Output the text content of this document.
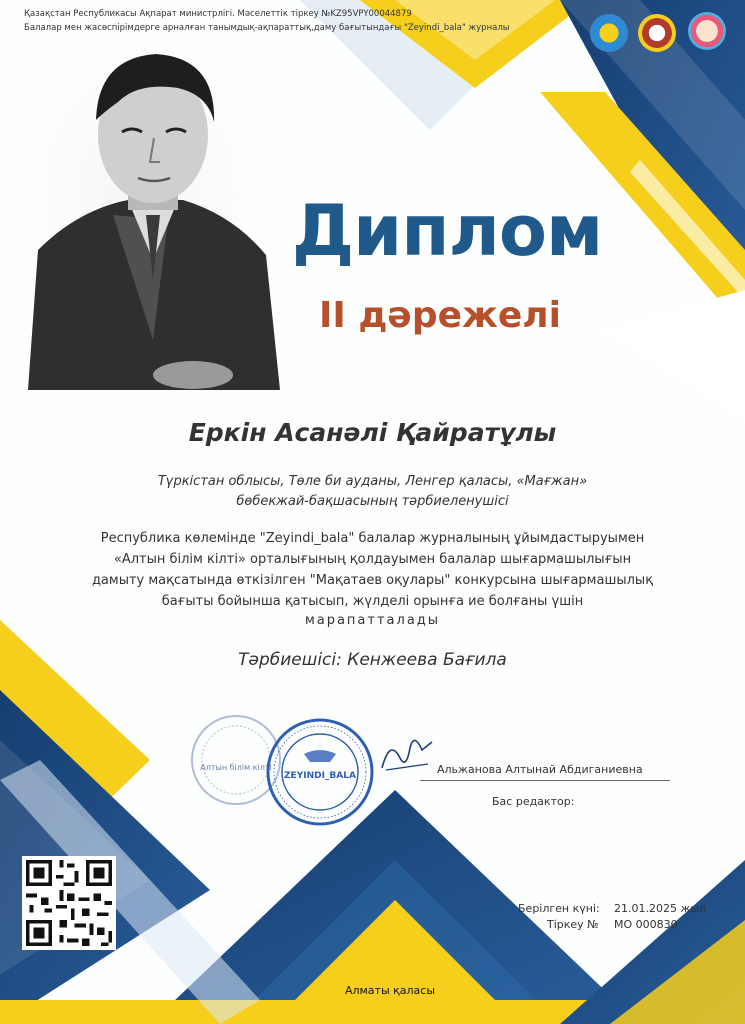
Қазақстан Республикасы Ақпарат министрлігі. Мәселеттік тіркеу №KZ95VPY00044879
Балалар мен жасөспірімдерге арналған танымдық-ақпараттық,даму бағытындағы "Zeyindi_bala" журналы
Диплом
II дәрежелі
Еркін Асанәлі Қайратұлы
Түркістан облысы, Төле би ауданы, Ленгер қаласы, «Мағжан»
бөбекжай-бақшасының тәрбиеленушісі
Республика көлемінде "Zeyindi_bala" балалар журналының ұйымдастыруымен
«Алтын білім кілті» орталығының қолдауымен балалар шығармашылығын
дамыту мақсатында өткізілген "Мақатаев оқулары" конкурсына шығармашылық
бағыты бойынша қатысып, жүлделі орынға ие болғаны үшін
марапатталады
Тәрбиешісі: Кенжеева Бағила
Алтын білім кілті
ZEYINDI_BALA	Альжанова Алтынай Абдиганиевна
Бас редактор:
Берілген күні: 21.01.2025 жыл
Тіркеу № МО 000830
Алматы қаласы
